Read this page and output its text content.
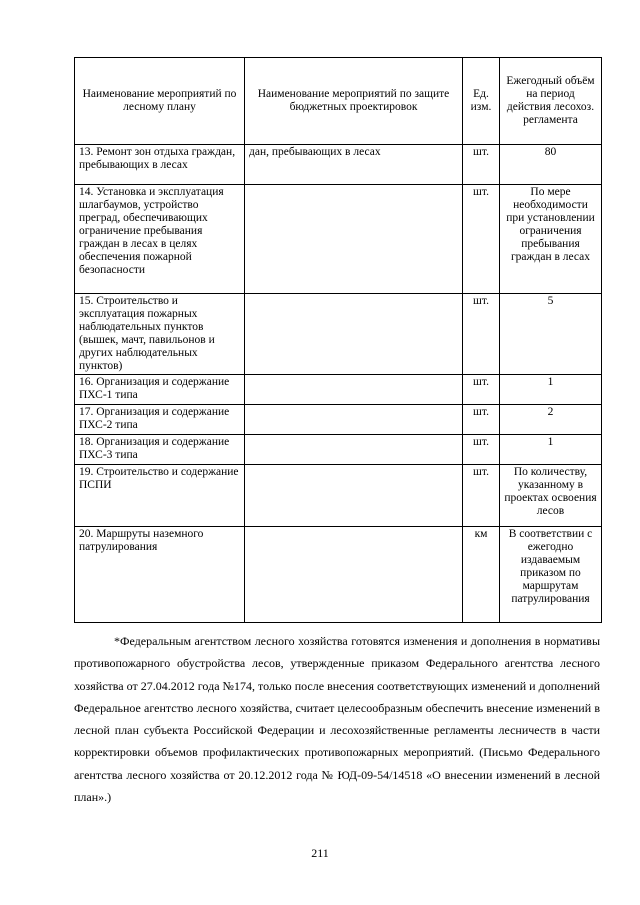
Наименование мероприятий по лесному плану	Наименование мероприятий по защите бюджетных проектировок	Ед. изм.	Ежегодный объём на период действия лесохоз. регламента
13. Ремонт зон отдыха граждан, пребывающих в лесах	дан, пребывающих в лесах	шт.	80
14. Установка и эксплуатация шлагбаумов, устройство преград, обеспечивающих ограничение пребывания граждан в лесах в целях обеспечения пожарной безопасности		шт.	По мере необходимости при установлении ограничения пребывания граждан в лесах
15. Строительство и эксплуатация пожарных наблюдательных пунктов (вышек, мачт, павильонов и других наблюдательных пунктов)		шт.	5
16. Организация и содержание ПХС-1 типа		шт.	1
17. Организация и содержание ПХС-2 типа		шт.	2
18. Организация и содержание ПХС-3 типа		шт.	1
19. Строительство и содержание ПСПИ		шт.	По количеству, указанному в проектах освоения лесов
20. Маршруты наземного патрулирования		км	В соответствии с ежегодно издаваемым приказом по маршрутам патрулирования

*Федеральным агентством лесного хозяйства готовятся изменения и дополнения в нормативы противопожарного обустройства лесов, утвержденные приказом Федерального агентства лесного хозяйства от 27.04.2012 года №174, только после внесения соответствующих изменений и дополнений Федеральное агентство лесного хозяйства, считает целесообразным обеспечить внесение изменений в лесной план субъекта Российской Федерации и лесохозяйственные регламенты лесничеств в части корректировки объемов профилактических противопожарных мероприятий. (Письмо Федерального агентства лесного хозяйства от 20.12.2012 года № ЮД-09-54/14518 «О внесении изменений в лесной план».)

211
